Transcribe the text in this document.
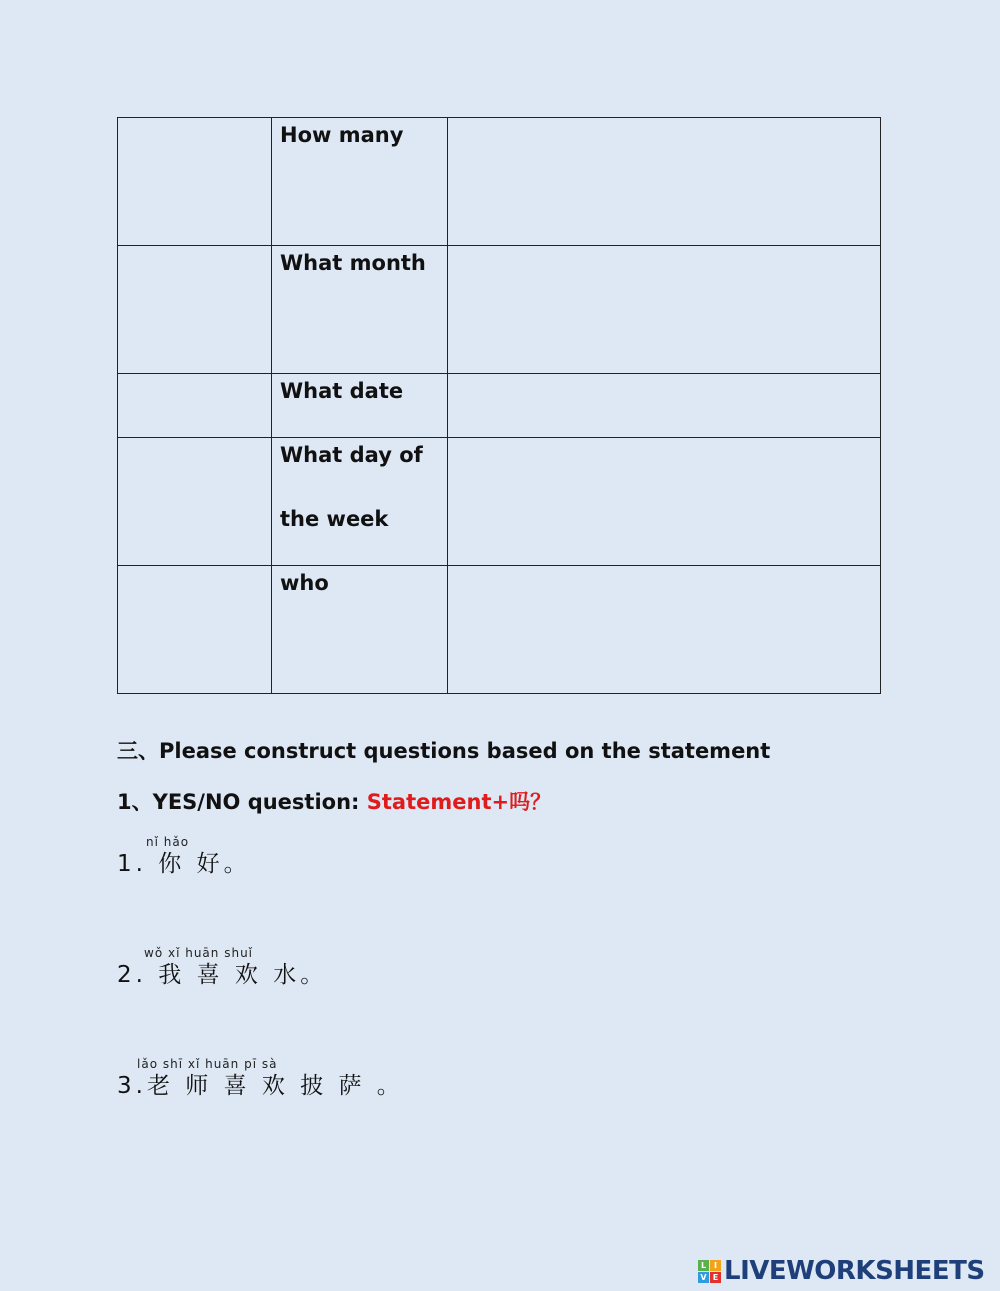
	How many	

	What month	

	What date	

	What day of
the week	

	who	

三、Please construct questions based on the statement
1、YES/NO question: Statement+吗？
nǐ hǎo
1. 你 好。
wǒ xǐ huān shuǐ
2. 我 喜 欢 水。
lǎo shī xǐ huān pī sà
3.老 师 喜 欢 披 萨 。
L I
V E LIVEWORKSHEETS
